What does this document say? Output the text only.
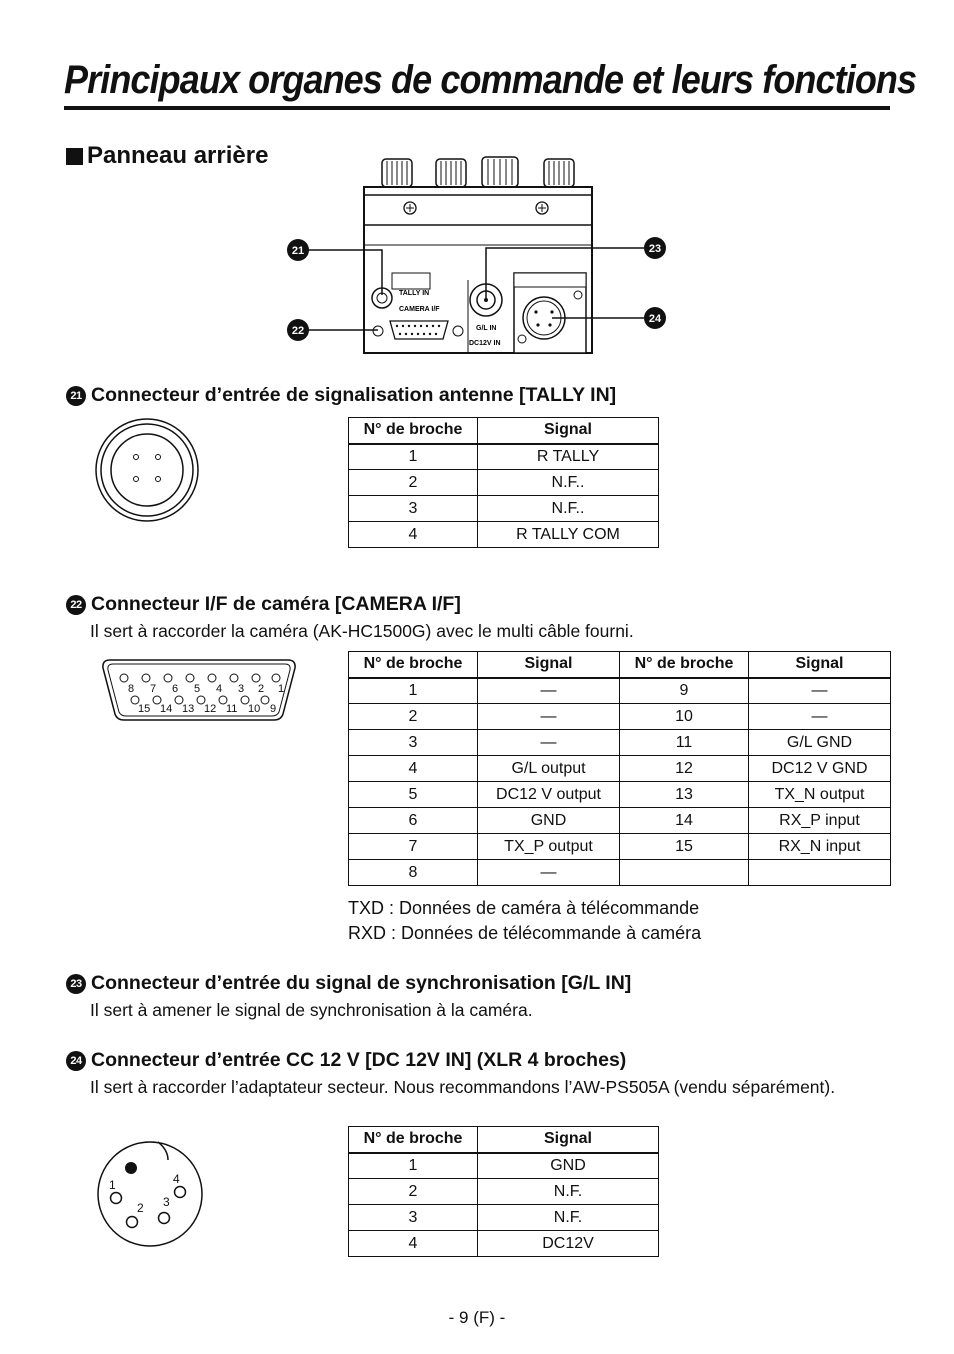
Principaux organes de commande et leurs fonctions
Panneau arrière
TALLY IN
CAMERA I/F
G/L IN
DC12V IN
21
22
23
24
21 Connecteur d’entrée de signalisation antenne [TALLY IN]
N° de broche	Signal
1	R TALLY
2	N.F..
3	N.F..
4	R TALLY COM
22 Connecteur I/F de caméra [CAMERA I/F]
Il sert à raccorder la caméra (AK-HC1500G) avec le multi câble fourni.
8 7 6 5 4 3 2 1
15 14 13 12 11 10 9
N° de broche	Signal	N° de broche	Signal
1	—	9	—
2	—	10	—
3	—	11	G/L GND
4	G/L output	12	DC12 V GND
5	DC12 V output	13	TX_N output
6	GND	14	RX_P input
7	TX_P output	15	RX_N input
8	—		
TXD : Données de caméra à télécommande
RXD : Données de télécommande à caméra
23 Connecteur d’entrée du signal de synchronisation [G/L IN]
Il sert à amener le signal de synchronisation à la caméra.
24 Connecteur d’entrée CC 12 V [DC 12V IN] (XLR 4 broches)
Il sert à raccorder l’adaptateur secteur. Nous recommandons l’AW-PS505A (vendu séparément).
1
2 3
4
N° de broche	Signal
1	GND
2	N.F.
3	N.F.
4	DC12V
- 9 (F) -
